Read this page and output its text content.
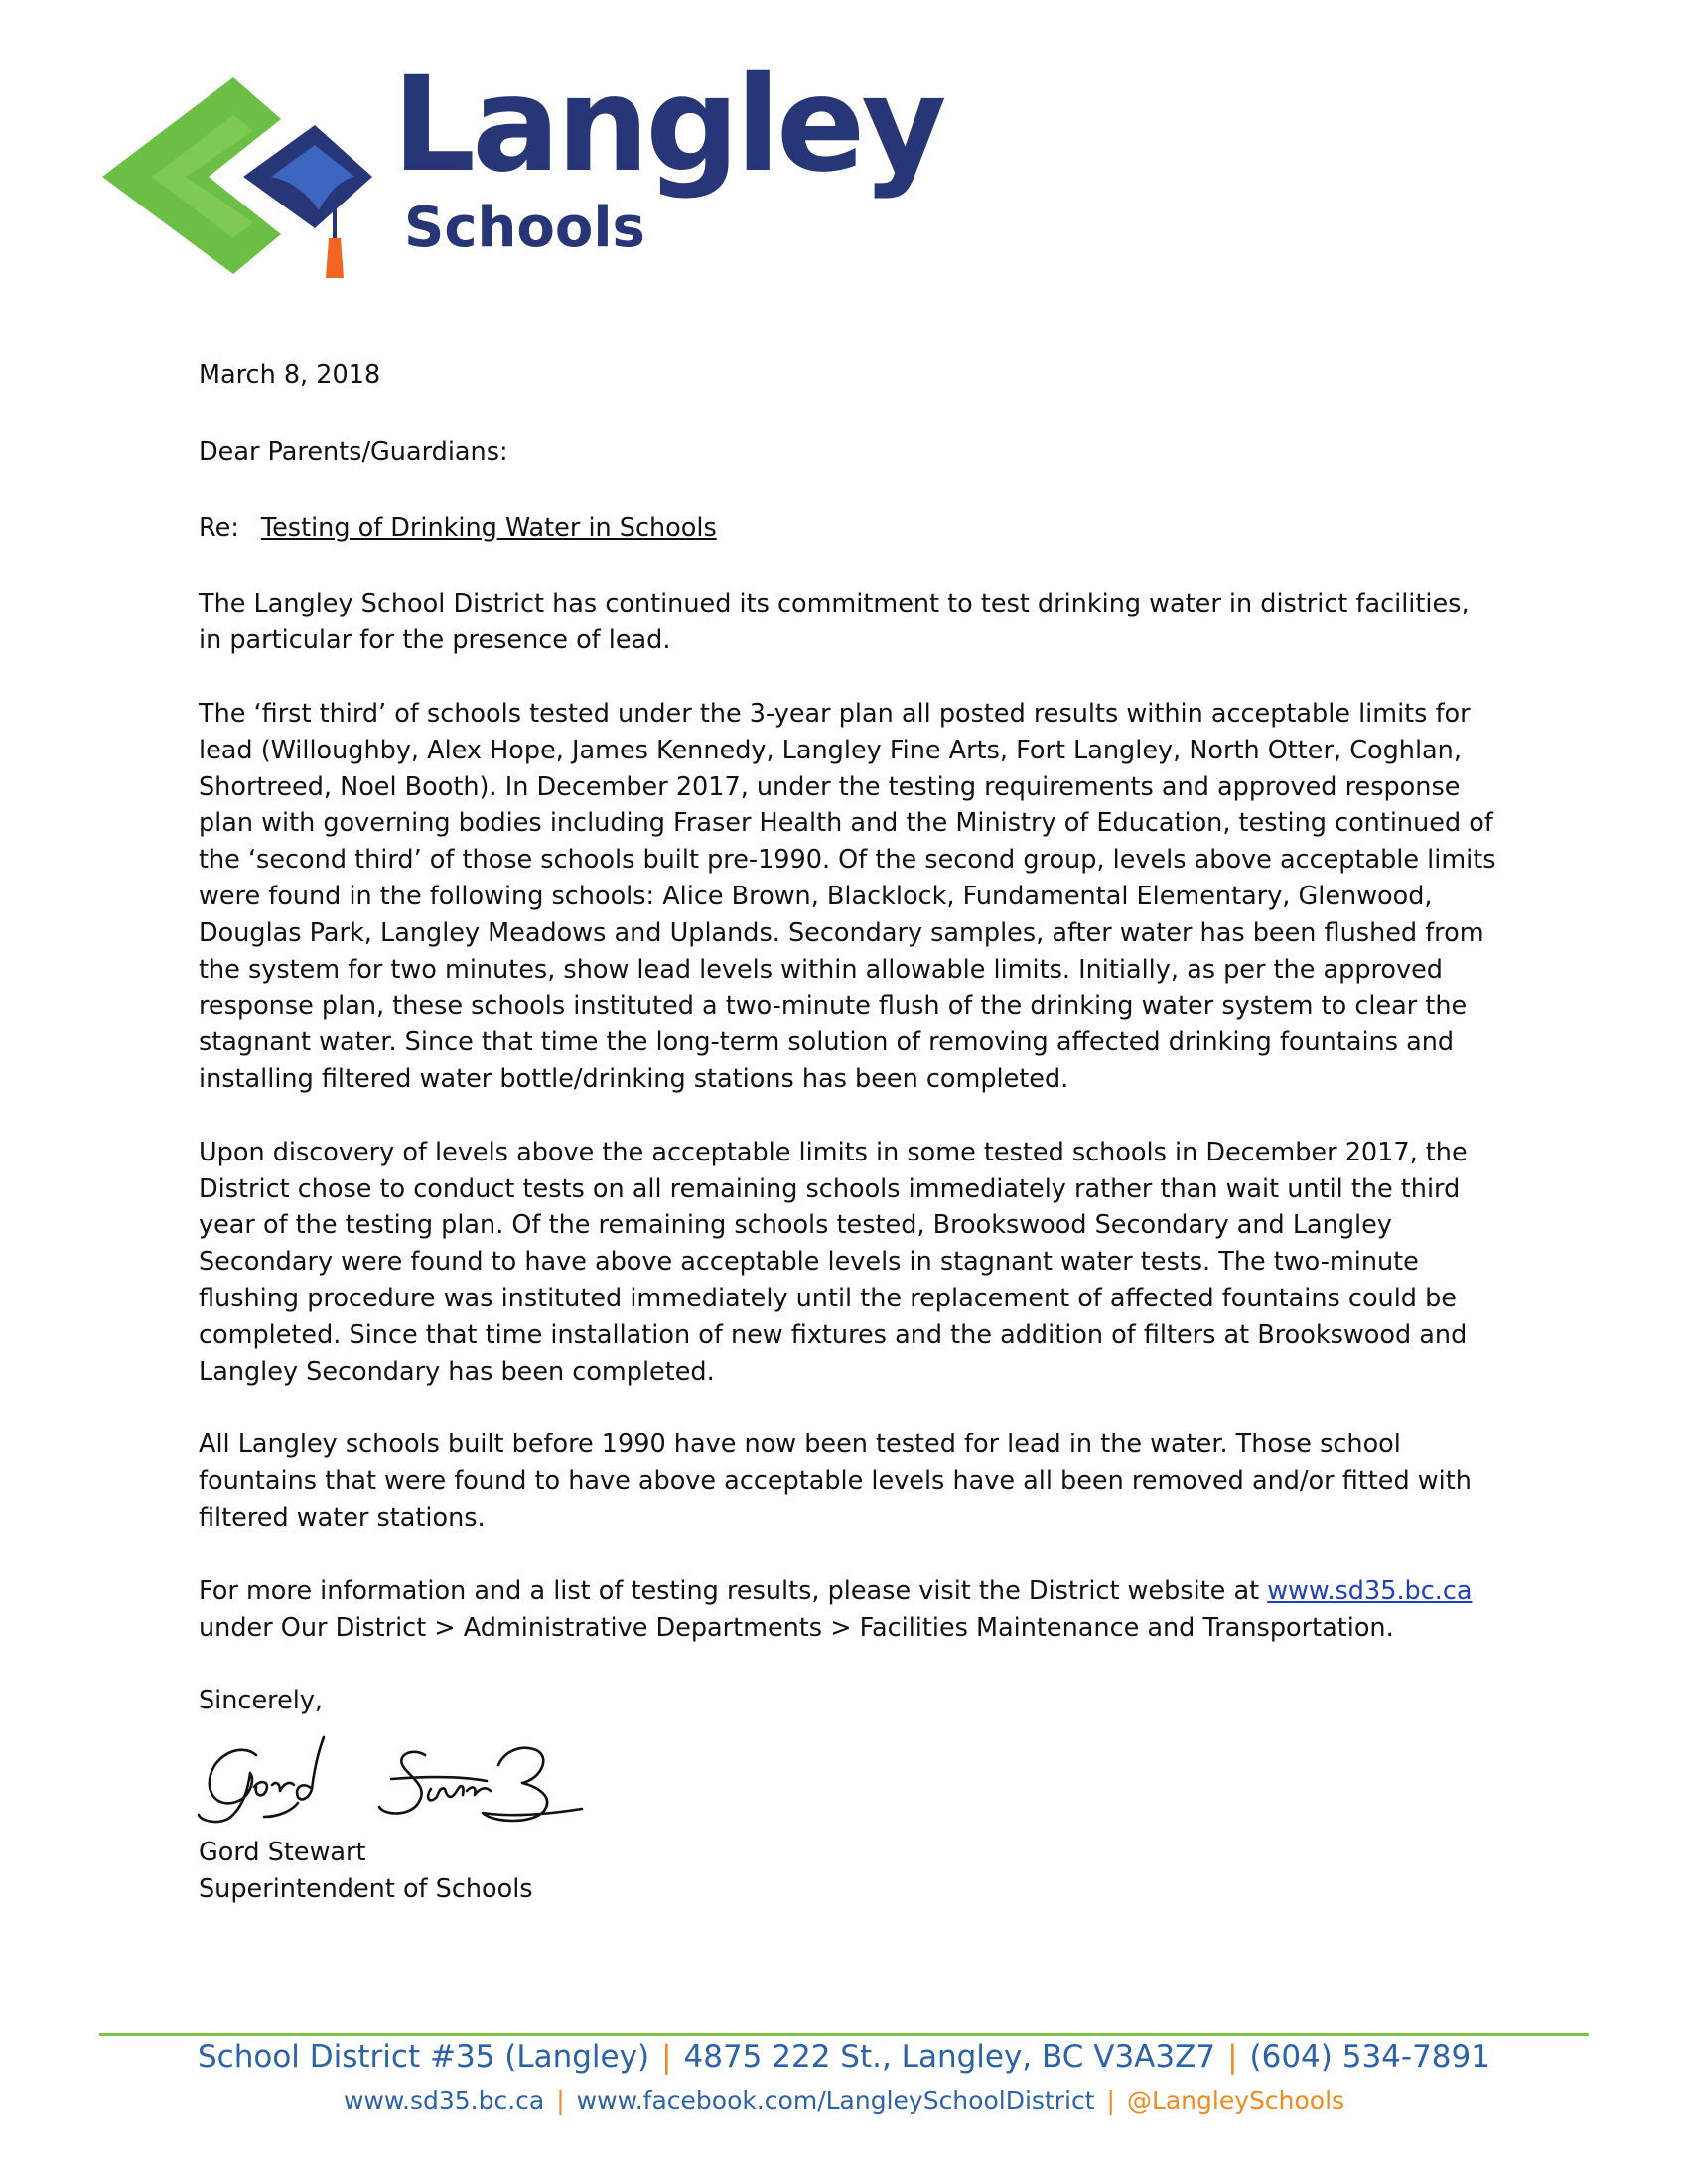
Langley
Schools

March 8, 2018

Dear Parents/Guardians:

Re: Testing of Drinking Water in Schools

The Langley School District has continued its commitment to test drinking water in district facilities, in particular for the presence of lead.

The ‘first third’ of schools tested under the 3-year plan all posted results within acceptable limits for lead (Willoughby, Alex Hope, James Kennedy, Langley Fine Arts, Fort Langley, North Otter, Coghlan, Shortreed, Noel Booth). In December 2017, under the testing requirements and approved response plan with governing bodies including Fraser Health and the Ministry of Education, testing continued of the ‘second third’ of those schools built pre-1990. Of the second group, levels above acceptable limits were found in the following schools: Alice Brown, Blacklock, Fundamental Elementary, Glenwood, Douglas Park, Langley Meadows and Uplands. Secondary samples, after water has been flushed from the system for two minutes, show lead levels within allowable limits. Initially, as per the approved response plan, these schools instituted a two-minute flush of the drinking water system to clear the stagnant water. Since that time the long-term solution of removing affected drinking fountains and installing filtered water bottle/drinking stations has been completed.

Upon discovery of levels above the acceptable limits in some tested schools in December 2017, the District chose to conduct tests on all remaining schools immediately rather than wait until the third year of the testing plan. Of the remaining schools tested, Brookswood Secondary and Langley Secondary were found to have above acceptable levels in stagnant water tests. The two-minute flushing procedure was instituted immediately until the replacement of affected fountains could be completed. Since that time installation of new fixtures and the addition of filters at Brookswood and Langley Secondary has been completed.

All Langley schools built before 1990 have now been tested for lead in the water. Those school fountains that were found to have above acceptable levels have all been removed and/or fitted with filtered water stations.

For more information and a list of testing results, please visit the District website at www.sd35.bc.ca under Our District > Administrative Departments > Facilities Maintenance and Transportation.

Sincerely,

Gord Stewart
Superintendent of Schools
School District #35 (Langley) | 4875 222 St., Langley, BC V3A3Z7 | (604) 534-7891
www.sd35.bc.ca | www.facebook.com/LangleySchoolDistrict | @LangleySchools
